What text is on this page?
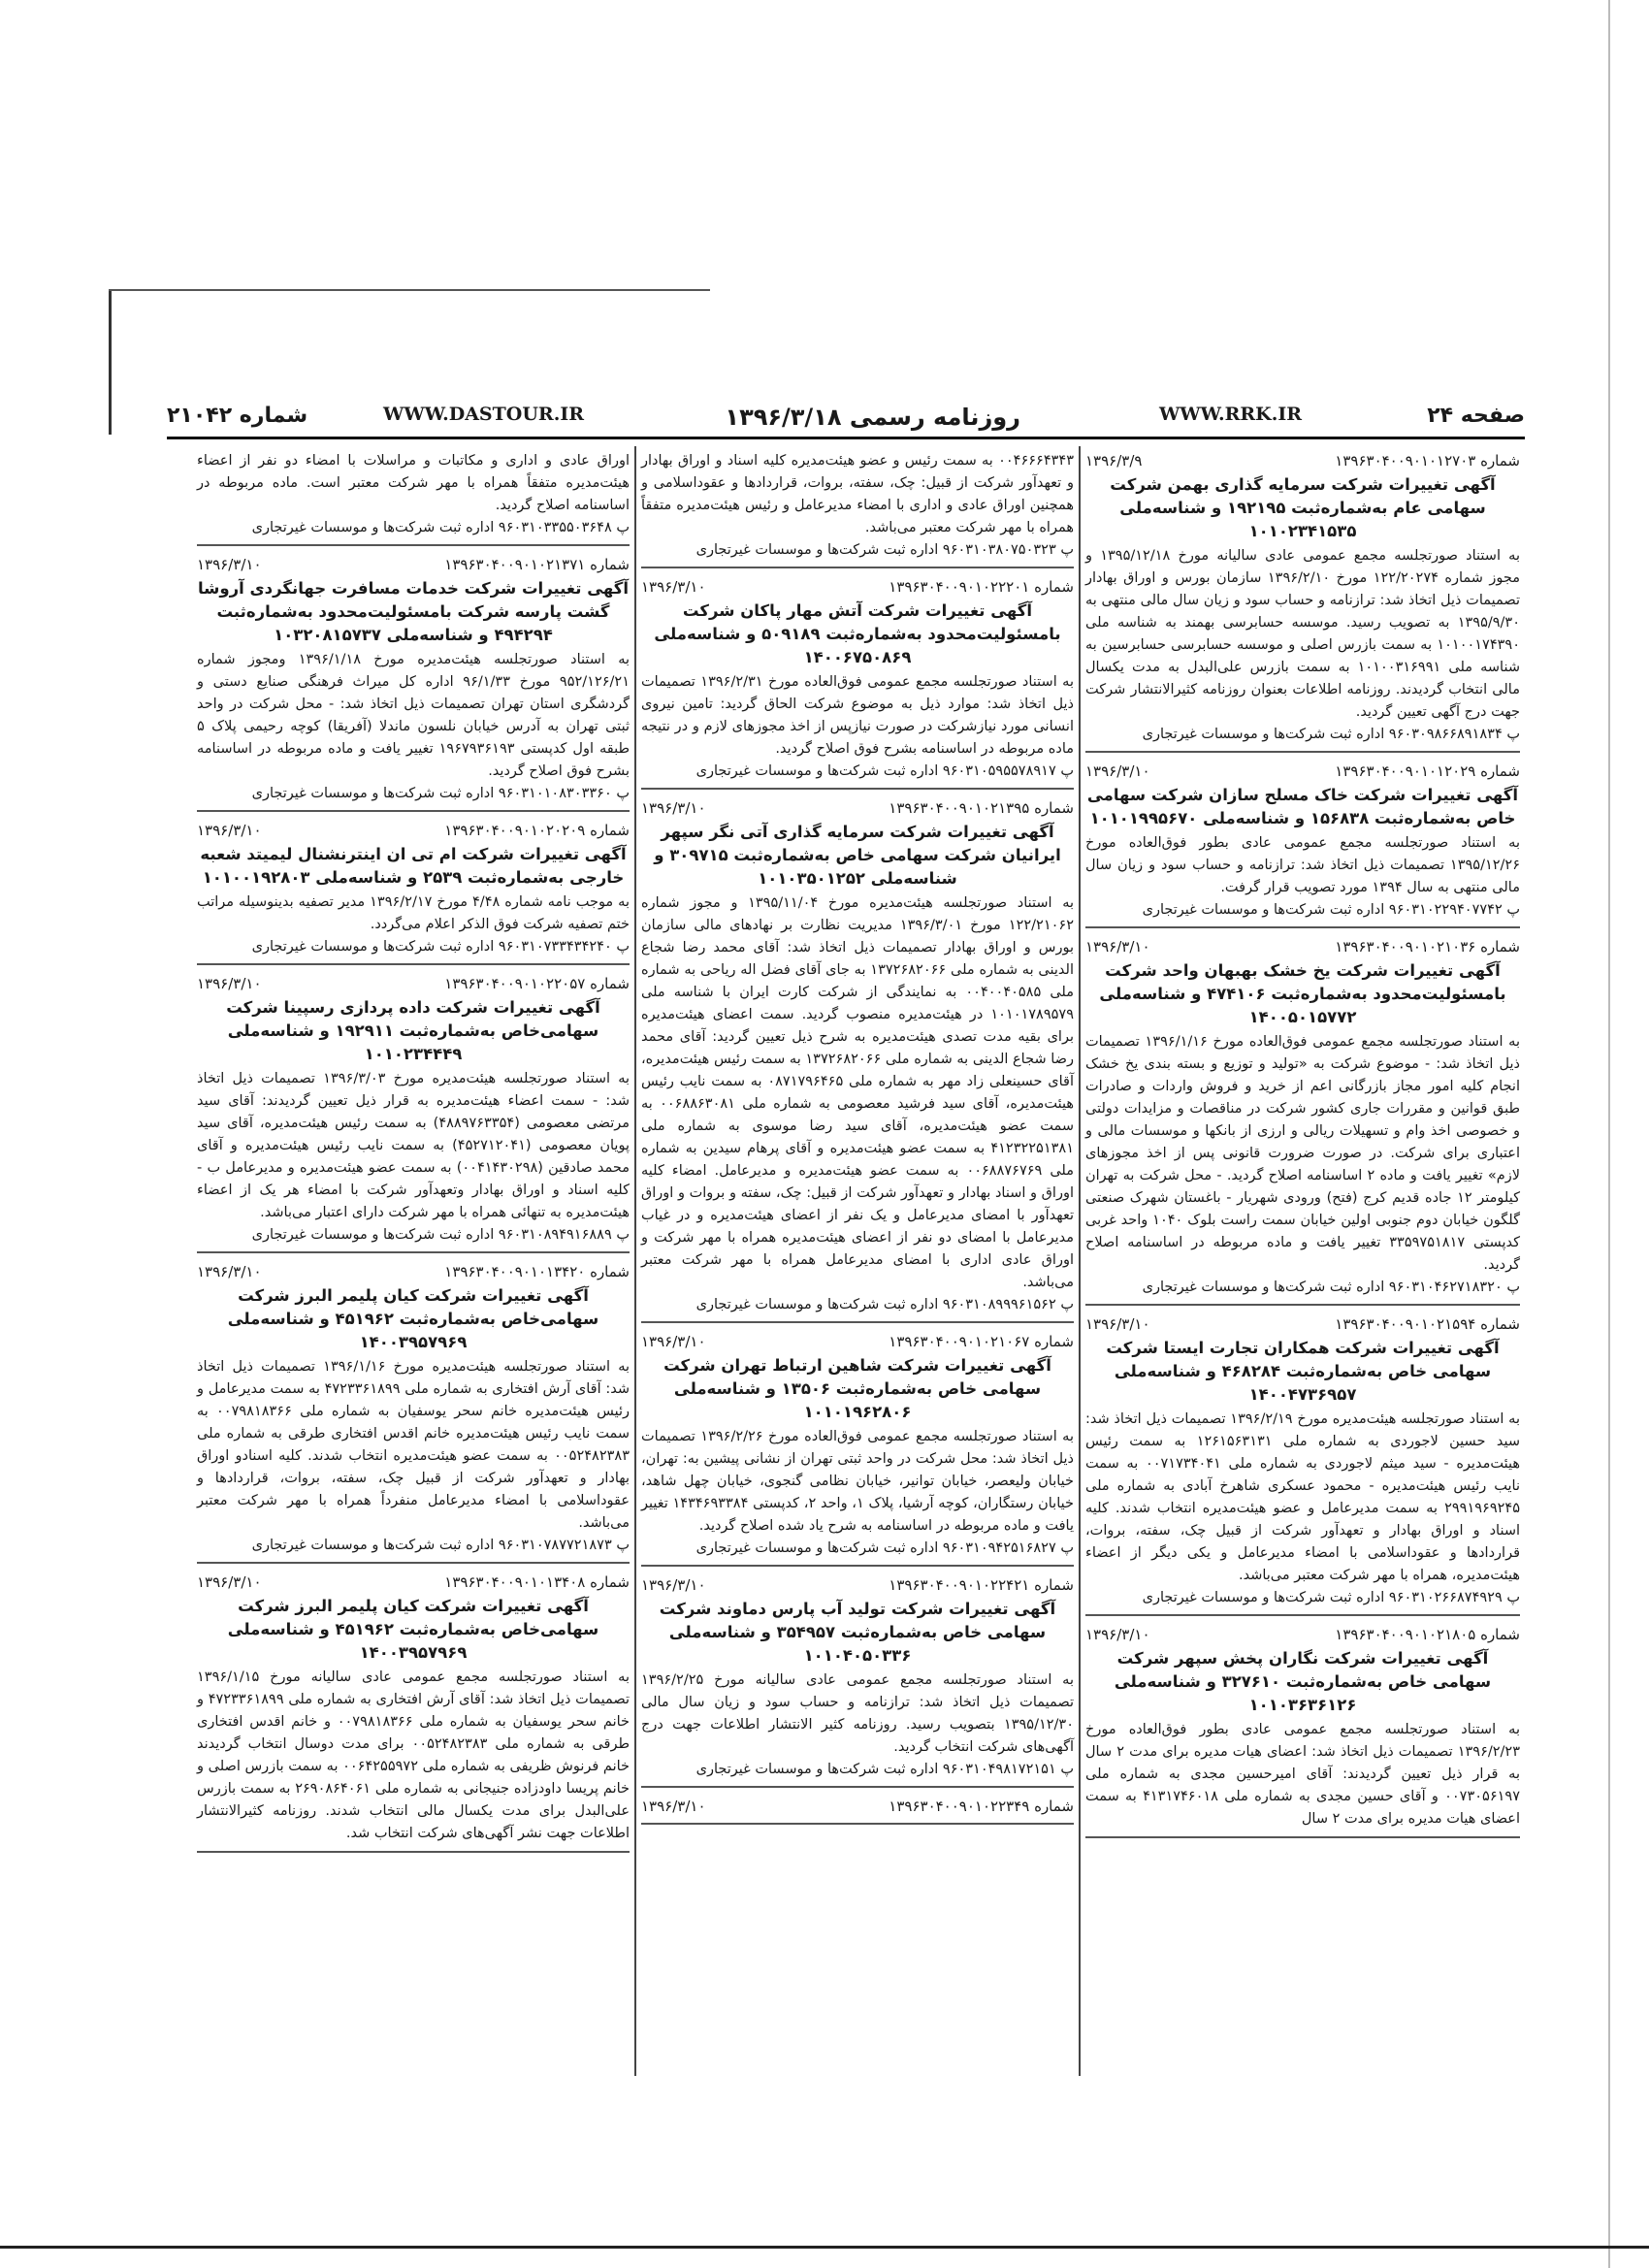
صفحه ۲۴
WWW.RRK.IR
روزنامه رسمی ۱۳۹۶/۳/۱۸
WWW.DASTOUR.IR
شماره ۲۱۰۴۲
شماره ۱۳۹۶۳۰۴۰۰۹۰۱۰۱۲۷۰۳
۱۳۹۶/۳/۹
آگهی تغییرات شرکت سرمایه گذاری بهمن شرکت سهامی عام به‌شماره‌ثبت ۱۹۲۱۹۵ و شناسه‌ملی ۱۰۱۰۲۳۴۱۵۳۵
به استناد صورتجلسه مجمع عمومی عادی سالیانه مورخ ۱۳۹۵/۱۲/۱۸ و مجوز شماره ۱۲۲/۲۰۲۷۴ مورخ ۱۳۹۶/۲/۱۰ سازمان بورس و اوراق بهادار تصمیمات ذیل اتخاذ شد: ترازنامه و حساب سود و زیان سال مالی منتهی به ۱۳۹۵/۹/۳۰ به تصویب رسید. موسسه حسابرسی بهمند به شناسه ملی ۱۰۱۰۰۱۷۴۳۹۰ به سمت بازرس اصلی و موسسه حسابرسی حسابرسین به شناسه ملی ۱۰۱۰۰۳۱۶۹۹۱ به سمت بازرس علی‌البدل به مدت یکسال مالی انتخاب گردیدند. روزنامه اطلاعات بعنوان روزنامه کثیرالانتشار شرکت جهت درج آگهی تعیین گردید.
پ ۹۶۰۳۰۹۸۶۶۸۹۱۸۳۴ اداره ثبت شرکت‌ها و موسسات غیرتجاری
شماره ۱۳۹۶۳۰۴۰۰۹۰۱۰۱۲۰۲۹
۱۳۹۶/۳/۱۰
آگهی تغییرات شرکت خاک مسلح سازان شرکت سهامی خاص به‌شماره‌ثبت ۱۵۶۸۳۸ و شناسه‌ملی ۱۰۱۰۱۹۹۵۶۷۰
به استناد صورتجلسه مجمع عمومی عادی بطور فوق‌العاده مورخ ۱۳۹۵/۱۲/۲۶ تصمیمات ذیل اتخاذ شد: ترازنامه و حساب سود و زیان سال مالی منتهی به سال ۱۳۹۴ مورد تصویب قرار گرفت.
پ ۹۶۰۳۱۰۲۲۹۴۰۷۷۴۲ اداره ثبت شرکت‌ها و موسسات غیرتجاری
شماره ۱۳۹۶۳۰۴۰۰۹۰۱۰۲۱۰۳۶
۱۳۹۶/۳/۱۰
آگهی تغییرات شرکت یخ خشک بهبهان واحد شرکت بامسئولیت‌محدود به‌شماره‌ثبت ۴۷۴۱۰۶ و شناسه‌ملی ۱۴۰۰۵۰۱۵۷۷۲
به استناد صورتجلسه مجمع عمومی فوق‌العاده مورخ ۱۳۹۶/۱/۱۶ تصمیمات ذیل اتخاذ شد: - موضوع شرکت به «تولید و توزیع و بسته بندی یخ خشک انجام کلیه امور مجاز بازرگانی اعم از خرید و فروش واردات و صادرات طبق قوانین و مقررات جاری کشور شرکت در مناقصات و مزایدات دولتی و خصوصی اخذ وام و تسهیلات ریالی و ارزی از بانکها و موسسات مالی و اعتباری برای شرکت. در صورت ضرورت قانونی پس از اخذ مجوزهای لازم» تغییر یافت و ماده ۲ اساسنامه اصلاح گردید. - محل شرکت به تهران کیلومتر ۱۲ جاده قدیم کرج (فتح) ورودی شهریار - باغستان شهرک صنعتی گلگون خیابان دوم جنوبی اولین خیابان سمت راست بلوک ۱۰۴۰ واحد غربی کدپستی ۳۳۵۹۷۵۱۸۱۷ تغییر یافت و ماده مربوطه در اساسنامه اصلاح گردید.
پ ۹۶۰۳۱۰۴۶۲۷۱۸۳۲۰ اداره ثبت شرکت‌ها و موسسات غیرتجاری
شماره ۱۳۹۶۳۰۴۰۰۹۰۱۰۲۱۵۹۴
۱۳۹۶/۳/۱۰
آگهی تغییرات شرکت همکاران تجارت ایستا شرکت سهامی خاص به‌شماره‌ثبت ۴۶۸۲۸۴ و شناسه‌ملی ۱۴۰۰۴۷۳۶۹۵۷
به استناد صورتجلسه هیئت‌مدیره مورخ ۱۳۹۶/۲/۱۹ تصمیمات ذیل اتخاذ شد: سید حسین لاجوردی به شماره ملی ۱۲۶۱۵۶۳۱۳۱ به سمت رئیس هیئت‌مدیره - سید میثم لاجوردی به شماره ملی ۰۰۷۱۷۳۴۰۴۱ به سمت نایب رئیس هیئت‌مدیره - محمود عسکری شاهرخ آبادی به شماره ملی ۲۹۹۱۹۶۹۲۴۵ به سمت مدیرعامل و عضو هیئت‌مدیره انتخاب شدند. کلیه اسناد و اوراق بهادار و تعهدآور شرکت از قبیل چک، سفته، بروات، قراردادها و عقوداسلامی با امضاء مدیرعامل و یکی دیگر از اعضاء هیئت‌مدیره، همراه با مهر شرکت معتبر می‌باشد.
پ ۹۶۰۳۱۰۲۶۶۸۷۴۹۲۹ اداره ثبت شرکت‌ها و موسسات غیرتجاری
شماره ۱۳۹۶۳۰۴۰۰۹۰۱۰۲۱۸۰۵
۱۳۹۶/۳/۱۰
آگهی تغییرات شرکت نگاران پخش سپهر شرکت سهامی خاص به‌شماره‌ثبت ۳۲۷۶۱۰ و شناسه‌ملی ۱۰۱۰۳۶۳۶۱۲۶
به استناد صورتجلسه مجمع عمومی عادی بطور فوق‌العاده مورخ ۱۳۹۶/۲/۲۳ تصمیمات ذیل اتخاذ شد: اعضای هیات مدیره برای مدت ۲ سال به قرار ذیل تعیین گردیدند: آقای امیرحسین مجدی به شماره ملی ۰۰۷۳۰۵۶۱۹۷ و آقای حسین مجدی به شماره ملی ۴۱۳۱۷۴۶۰۱۸ به سمت اعضای هیات مدیره برای مدت ۲ سال
۰۰۴۶۶۶۴۳۴۳ به سمت رئیس و عضو هیئت‌مدیره کلیه اسناد و اوراق بهادار و تعهدآور شرکت از قبیل: چک، سفته، بروات، قراردادها و عقوداسلامی و همچنین اوراق عادی و اداری با امضاء مدیرعامل و رئیس هیئت‌مدیره متفقاً همراه با مهر شرکت معتبر می‌باشد.
پ ۹۶۰۳۱۰۳۸۰۷۵۰۳۲۳ اداره ثبت شرکت‌ها و موسسات غیرتجاری
شماره ۱۳۹۶۳۰۴۰۰۹۰۱۰۲۲۲۰۱
۱۳۹۶/۳/۱۰
آگهی تغییرات شرکت آتش مهار پاکان شرکت بامسئولیت‌محدود به‌شماره‌ثبت ۵۰۹۱۸۹ و شناسه‌ملی ۱۴۰۰۶۷۵۰۸۶۹
به استناد صورتجلسه مجمع عمومی فوق‌العاده مورخ ۱۳۹۶/۲/۳۱ تصمیمات ذیل اتخاذ شد: موارد ذیل به موضوع شرکت الحاق گردید: تامین نیروی انسانی مورد نیازشرکت در صورت نیازپس از اخذ مجوزهای لازم و در نتیجه ماده مربوطه در اساسنامه بشرح فوق اصلاح گردید.
پ ۹۶۰۳۱۰۵۹۵۵۷۸۹۱۷ اداره ثبت شرکت‌ها و موسسات غیرتجاری
شماره ۱۳۹۶۳۰۴۰۰۹۰۱۰۲۱۳۹۵
۱۳۹۶/۳/۱۰
آگهی تغییرات شرکت سرمایه گذاری آتی نگر سپهر ایرانیان شرکت سهامی خاص به‌شماره‌ثبت ۳۰۹۷۱۵ و شناسه‌ملی ۱۰۱۰۳۵۰۱۲۵۲
به استناد صورتجلسه هیئت‌مدیره مورخ ۱۳۹۵/۱۱/۰۴ و مجوز شماره ۱۲۲/۲۱۰۶۲ مورخ ۱۳۹۶/۳/۰۱ مدیریت نظارت بر نهادهای مالی سازمان بورس و اوراق بهادار تصمیمات ذیل اتخاذ شد: آقای محمد رضا شجاع الدینی به شماره ملی ۱۳۷۲۶۸۲۰۶۶ به جای آقای فضل اله ریاحی به شماره ملی ۰۰۴۰۰۴۰۵۸۵ به نمایندگی از شرکت کارت ایران با شناسه ملی ۱۰۱۰۱۷۸۹۵۷۹ در هیئت‌مدیره منصوب گردید. سمت اعضای هیئت‌مدیره برای بقیه مدت تصدی هیئت‌مدیره به شرح ذیل تعیین گردید: آقای محمد رضا شجاع الدینی به شماره ملی ۱۳۷۲۶۸۲۰۶۶ به سمت رئیس هیئت‌مدیره، آقای حسینعلی زاد مهر به شماره ملی ۰۸۷۱۷۹۶۴۶۵ به سمت نایب رئیس هیئت‌مدیره، آقای سید فرشید معصومی به شماره ملی ۰۰۶۸۸۶۳۰۸۱ به سمت عضو هیئت‌مدیره، آقای سید رضا موسوی به شماره ملی ۴۱۲۳۲۲۵۱۳۸۱ به سمت عضو هیئت‌مدیره و آقای پرهام سیدین به شماره ملی ۰۰۶۸۸۷۶۷۶۹ به سمت عضو هیئت‌مدیره و مدیرعامل. امضاء کلیه اوراق و اسناد بهادار و تعهدآور شرکت از قبیل: چک، سفته و بروات و اوراق تعهدآور با امضای مدیرعامل و یک نفر از اعضای هیئت‌مدیره و در غیاب مدیرعامل با امضای دو نفر از اعضای هیئت‌مدیره همراه با مهر شرکت و اوراق عادی اداری با امضای مدیرعامل همراه با مهر شرکت معتبر می‌باشد.
پ ۹۶۰۳۱۰۸۹۹۹۶۱۵۶۲ اداره ثبت شرکت‌ها و موسسات غیرتجاری
شماره ۱۳۹۶۳۰۴۰۰۹۰۱۰۲۱۰۶۷
۱۳۹۶/۳/۱۰
آگهی تغییرات شرکت شاهین ارتباط تهران شرکت سهامی خاص به‌شماره‌ثبت ۱۳۵۰۶ و شناسه‌ملی ۱۰۱۰۱۹۶۲۸۰۶
به استناد صورتجلسه مجمع عمومی فوق‌العاده مورخ ۱۳۹۶/۲/۲۶ تصمیمات ذیل اتخاذ شد: محل شرکت در واحد ثبتی تهران از نشانی پیشین به: تهران، خیابان ولیعصر، خیابان توانیر، خیابان نظامی گنجوی، خیابان چهل شاهد، خیابان رستگاران، کوچه آرشیا، پلاک ۱، واحد ۲، کدپستی ۱۴۳۴۶۹۳۳۸۴ تغییر یافت و ماده مربوطه در اساسنامه به شرح یاد شده اصلاح گردید.
پ ۹۶۰۳۱۰۹۴۲۵۱۶۸۲۷ اداره ثبت شرکت‌ها و موسسات غیرتجاری
شماره ۱۳۹۶۳۰۴۰۰۹۰۱۰۲۲۴۲۱
۱۳۹۶/۳/۱۰
آگهی تغییرات شرکت تولید آب پارس دماوند شرکت سهامی خاص به‌شماره‌ثبت ۳۵۴۹۵۷ و شناسه‌ملی ۱۰۱۰۴۰۵۰۳۳۶
به استناد صورتجلسه مجمع عمومی عادی سالیانه مورخ ۱۳۹۶/۲/۲۵ تصمیمات ذیل اتخاذ شد: ترازنامه و حساب سود و زیان سال مالی ۱۳۹۵/۱۲/۳۰ بتصویب رسید. روزنامه کثیر الانتشار اطلاعات جهت درج آگهی‌های شرکت انتخاب گردید.
پ ۹۶۰۳۱۰۴۹۸۱۷۲۱۵۱ اداره ثبت شرکت‌ها و موسسات غیرتجاری
شماره ۱۳۹۶۳۰۴۰۰۹۰۱۰۲۲۳۴۹
۱۳۹۶/۳/۱۰
اوراق عادی و اداری و مکاتبات و مراسلات با امضاء دو نفر از اعضاء هیئت‌مدیره متفقاً همراه با مهر شرکت معتبر است. ماده مربوطه در اساسنامه اصلاح گردید.
پ ۹۶۰۳۱۰۳۳۵۵۰۳۶۴۸ اداره ثبت شرکت‌ها و موسسات غیرتجاری
شماره ۱۳۹۶۳۰۴۰۰۹۰۱۰۲۱۳۷۱
۱۳۹۶/۳/۱۰
آگهی تغییرات شرکت خدمات مسافرت جهانگردی آروشا گشت پارسه شرکت بامسئولیت‌محدود به‌شماره‌ثبت ۴۹۴۲۹۴ و شناسه‌ملی ۱۰۳۲۰۸۱۵۷۳۷
به استناد صورتجلسه هیئت‌مدیره مورخ ۱۳۹۶/۱/۱۸ ومجوز شماره ۹۵۲/۱۲۶/۲۱ مورخ ۹۶/۱/۳۳ اداره کل میراث فرهنگی صنایع دستی و گردشگری استان تهران تصمیمات ذیل اتخاذ شد: - محل شرکت در واحد ثبتی تهران به آدرس خیابان نلسون ماندلا (آفریقا) کوچه رحیمی پلاک ۵ طبقه اول کدپستی ۱۹۶۷۹۳۶۱۹۳ تغییر یافت و ماده مربوطه در اساسنامه بشرح فوق اصلاح گردید.
پ ۹۶۰۳۱۰۱۰۸۳۰۳۳۶۰ اداره ثبت شرکت‌ها و موسسات غیرتجاری
شماره ۱۳۹۶۳۰۴۰۰۹۰۱۰۲۰۲۰۹
۱۳۹۶/۳/۱۰
آگهی تغییرات شرکت ام تی ان اینترنشنال لیمیتد شعبه خارجی به‌شماره‌ثبت ۲۵۳۹ و شناسه‌ملی ۱۰۱۰۰۱۹۲۸۰۳
به موجب نامه شماره ۴/۴۸ مورخ ۱۳۹۶/۲/۱۷ مدیر تصفیه بدینوسیله مراتب ختم تصفیه شرکت فوق الذکر اعلام می‌گردد.
پ ۹۶۰۳۱۰۷۳۳۴۳۴۲۴۰ اداره ثبت شرکت‌ها و موسسات غیرتجاری
شماره ۱۳۹۶۳۰۴۰۰۹۰۱۰۲۲۰۵۷
۱۳۹۶/۳/۱۰
آگهی تغییرات شرکت داده پردازی رسپینا شرکت سهامی‌خاص به‌شماره‌ثبت ۱۹۲۹۱۱ و شناسه‌ملی ۱۰۱۰۲۳۴۴۴۹
به استناد صورتجلسه هیئت‌مدیره مورخ ۱۳۹۶/۳/۰۳ تصمیمات ذیل اتخاذ شد: - سمت اعضاء هیئت‌مدیره به قرار ذیل تعیین گردیدند: آقای سید مرتضی معصومی (۴۸۸۹۷۶۳۳۵۴) به سمت رئیس هیئت‌مدیره، آقای سید پویان معصومی (۴۵۲۷۱۲۰۴۱) به سمت نایب رئیس هیئت‌مدیره و آقای محمد صادقین (۰۰۴۱۴۳۰۲۹۸) به سمت عضو هیئت‌مدیره و مدیرعامل ب - کلیه اسناد و اوراق بهادار وتعهدآور شرکت با امضاء هر یک از اعضاء هیئت‌مدیره به تنهائی همراه با مهر شرکت دارای اعتبار می‌باشد.
پ ۹۶۰۳۱۰۸۹۴۹۱۶۸۸۹ اداره ثبت شرکت‌ها و موسسات غیرتجاری
شماره ۱۳۹۶۳۰۴۰۰۹۰۱۰۱۳۴۲۰
۱۳۹۶/۳/۱۰
آگهی تغییرات شرکت کیان پلیمر البرز شرکت سهامی‌خاص به‌شماره‌ثبت ۴۵۱۹۶۲ و شناسه‌ملی ۱۴۰۰۳۹۵۷۹۶۹
به استناد صورتجلسه هیئت‌مدیره مورخ ۱۳۹۶/۱/۱۶ تصمیمات ذیل اتخاذ شد: آقای آرش افتخاری به شماره ملی ۴۷۲۳۳۶۱۸۹۹ به سمت مدیرعامل و رئیس هیئت‌مدیره خانم سحر یوسفیان به شماره ملی ۰۰۷۹۸۱۸۳۶۶ به سمت نایب رئیس هیئت‌مدیره خانم اقدس افتخاری طرقی به شماره ملی ۰۰۵۲۴۸۲۳۸۳ به سمت عضو هیئت‌مدیره انتخاب شدند. کلیه اسنادو اوراق بهادار و تعهدآور شرکت از قبیل چک، سفته، بروات، قراردادها و عقوداسلامی با امضاء مدیرعامل منفرداً همراه با مهر شرکت معتبر می‌باشد.
پ ۹۶۰۳۱۰۷۸۷۷۲۱۸۷۳ اداره ثبت شرکت‌ها و موسسات غیرتجاری
شماره ۱۳۹۶۳۰۴۰۰۹۰۱۰۱۳۴۰۸
۱۳۹۶/۳/۱۰
آگهی تغییرات شرکت کیان پلیمر البرز شرکت سهامی‌خاص به‌شماره‌ثبت ۴۵۱۹۶۲ و شناسه‌ملی ۱۴۰۰۳۹۵۷۹۶۹
به استناد صورتجلسه مجمع عمومی عادی سالیانه مورخ ۱۳۹۶/۱/۱۵ تصمیمات ذیل اتخاذ شد: آقای آرش افتخاری به شماره ملی ۴۷۲۳۳۶۱۸۹۹ و خانم سحر یوسفیان به شماره ملی ۰۰۷۹۸۱۸۳۶۶ و خانم اقدس افتخاری طرقی به شماره ملی ۰۰۵۲۴۸۲۳۸۳ برای مدت دوسال انتخاب گردیدند خانم فرنوش ظریفی به شماره ملی ۰۰۶۴۲۵۵۹۷۲ به سمت بازرس اصلی و خانم پریسا داودزاده جنیجانی به شماره ملی ۲۶۹۰۸۶۴۰۶۱ به سمت بازرس علی‌البدل برای مدت یکسال مالی انتخاب شدند. روزنامه کثیرالانتشار اطلاعات جهت نشر آگهی‌های شرکت انتخاب شد.
